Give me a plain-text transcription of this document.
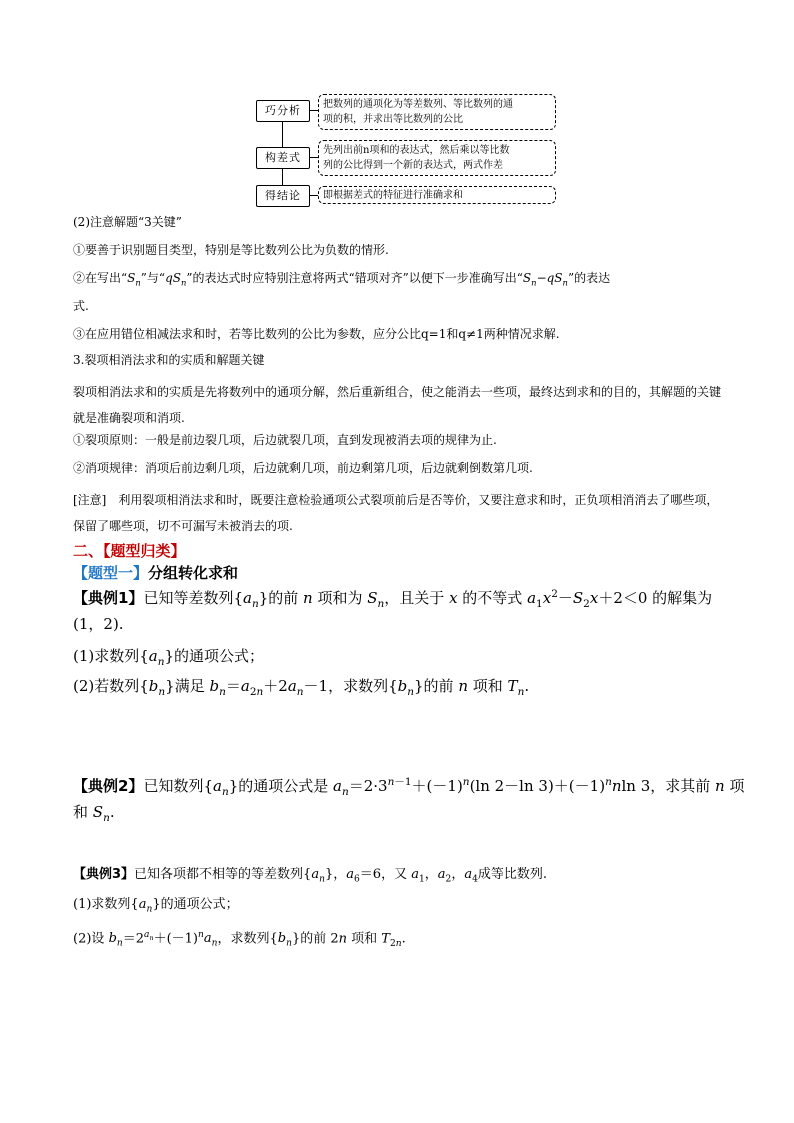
巧分析	把数列的通项化为等差数列、等比数列的通
项的积，并求出等比数列的公比
构差式
先列出前n项和的表达式，然后乘以等比数
列的公比得到一个新的表达式，两式作差
得结论	即根据差式的特征进行准确求和
(2)注意解题“3关键”
①要善于识别题目类型，特别是等比数列公比为负数的情形.
②在写出“$S_n$”与“$qS_n$”的表达式时应特别注意将两式“错项对齐”以便下一步准确写出“$S_n-qS_n$”的表达
式.
③在应用错位相减法求和时，若等比数列的公比为参数，应分公比q=1和q≠1两种情况求解.
3.裂项相消法求和的实质和解题关键
裂项相消法求和的实质是先将数列中的通项分解，然后重新组合，使之能消去一些项，最终达到求和的目的，其解题的关键就是准确裂项和消项.
①裂项原则：一般是前边裂几项，后边就裂几项，直到发现被消去项的规律为止.
②消项规律：消项后前边剩几项，后边就剩几项，前边剩第几项，后边就剩倒数第几项.
[注意]　利用裂项相消法求和时，既要注意检验通项公式裂项前后是否等价，又要注意求和时，正负项相消消去了哪些项，保留了哪些项，切不可漏写未被消去的项.
二、【题型归类】
【题型一】分组转化求和
【典例1】已知等差数列$\{a_n\}$的前 n 项和为 $S_n$，且关于 x 的不等式 $a_1x^2-S_2x+2<0$ 的解集为
(1，2).
(1)求数列$\{a_n\}$的通项公式；
(2)若数列$\{b_n\}$满足 $b_n=a_{2n}+2a_n-1$，求数列$\{b_n\}$的前 n 项和 $T_n$.
【典例2】已知数列$\{a_n\}$的通项公式是 $a_n=2\cdot 3^{n-1}+(-1)^n(\ln$ 2－ln $3)+(-1)^nnln$ 3，求其前 n 项
和 $S_n$.
【典例3】已知各项都不相等的等差数列$\{a_n\}$，$a_6=6$，又 $a_1$，$a_2$，$a_4$成等比数列.
(1)求数列$\{a_n\}$的通项公式；
(2)设 $b_n=2^{a_n}+(-1)^na_n$，求数列$\{b_n\}$的前 2n 项和 $T_{2n}$.
